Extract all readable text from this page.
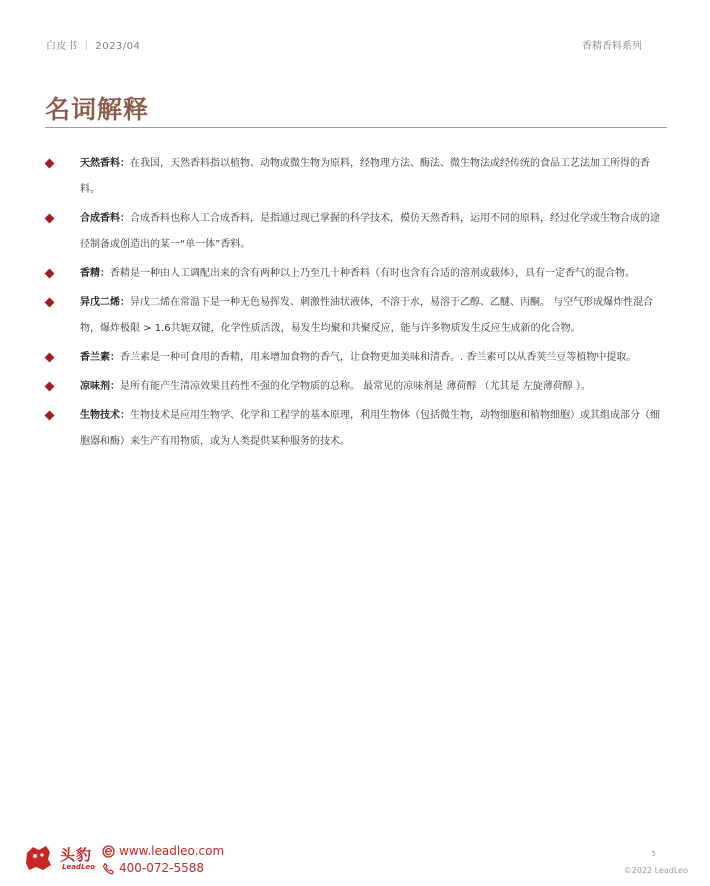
白皮书 ｜ 2023/04	香精香料系列
名词解释
天然香料：在我国，天然香料指以植物、动物或微生物为原料，经物理方法、酶法、微生物法或经传统的食品工艺法加工所得的香料。
合成香料：合成香料也称人工合成香料，是指通过现已掌握的科学技术，模仿天然香料，运用不同的原料，经过化学或生物合成的途径制备或创造出的某一“单一体”香料。
香精：香精是一种由人工调配出来的含有两种以上乃至几十种香料（有时也含有合适的溶剂或载体），具有一定香气的混合物。
异戊二烯：异戊二烯在常温下是一种无色易挥发、刺激性油状液体，不溶于水，易溶于乙醇、乙醚、丙酮。 与空气形成爆炸性混合物，爆炸极限 > 1.6共轭双键，化学性质活泼，易发生均聚和共聚反应，能与许多物质发生反应生成新的化合物。
香兰素：香兰素是一种可食用的香精，用来增加食物的香气，让食物更加美味和清香。. 香兰素可以从香荚兰豆等植物中提取。
凉味剂：是所有能产生清凉效果且药性不强的化学物质的总称。 最常见的凉味剂是 薄荷醇 （尤其是 左旋薄荷醇 ）。
生物技术：生物技术是应用生物学、化学和工程学的基本原理，利用生物体（包括微生物，动物细胞和植物细胞）或其组成部分（细胞器和酶）来生产有用物质，或为人类提供某种服务的技术。
头豹
LeadLeo
www.leadleo.com
400-072-5588
5
©2022 LeadLeo
